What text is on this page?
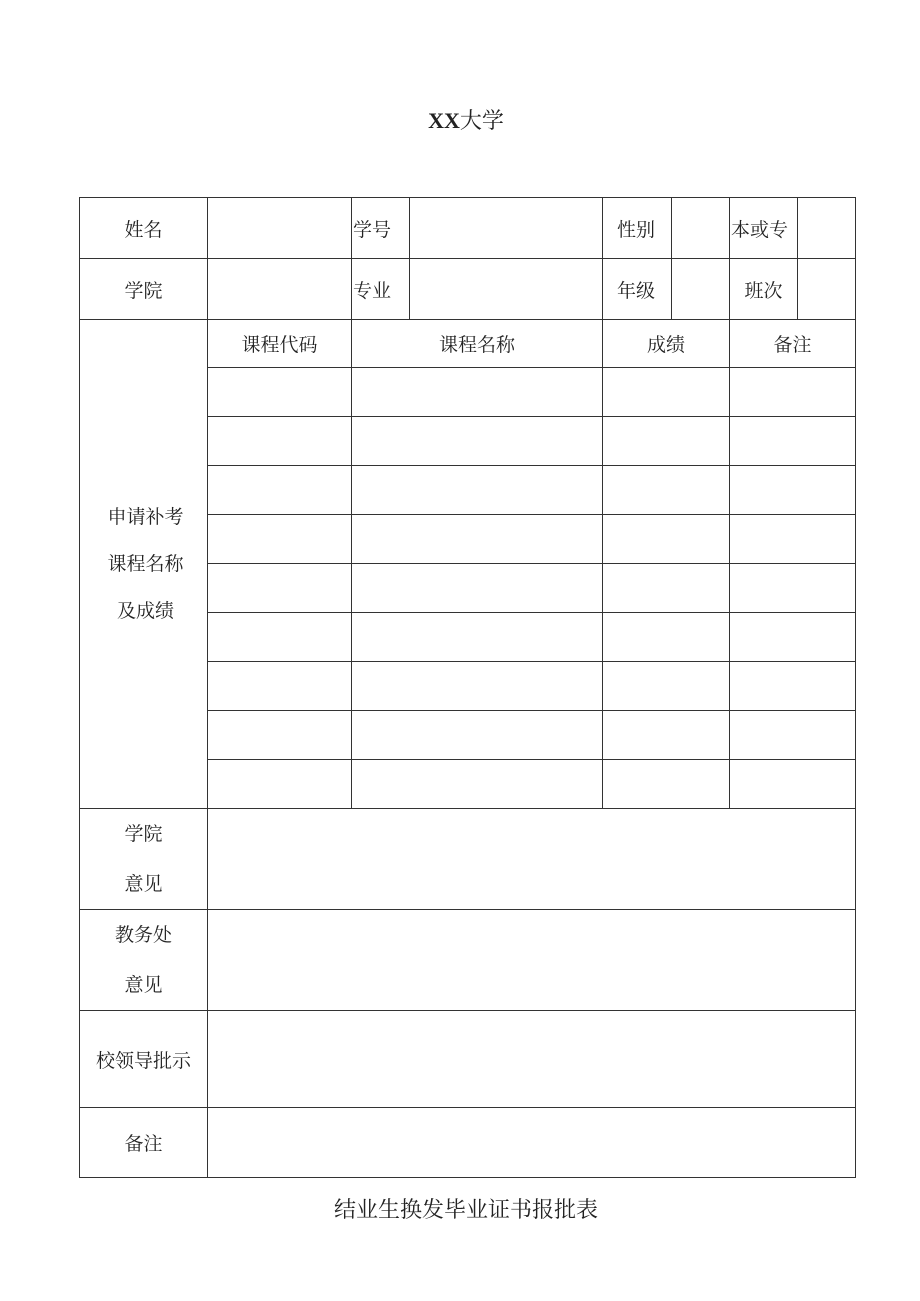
XX大学
姓名		学号		性别		本或专	
学院		专业		年级		班次	

申请补考
课程名称
及成绩	课程代码	课程名称		成绩		备注	

学院
意见							

教务处
意见							

校领导批示							
备注							
结业生换发毕业证书报批表
